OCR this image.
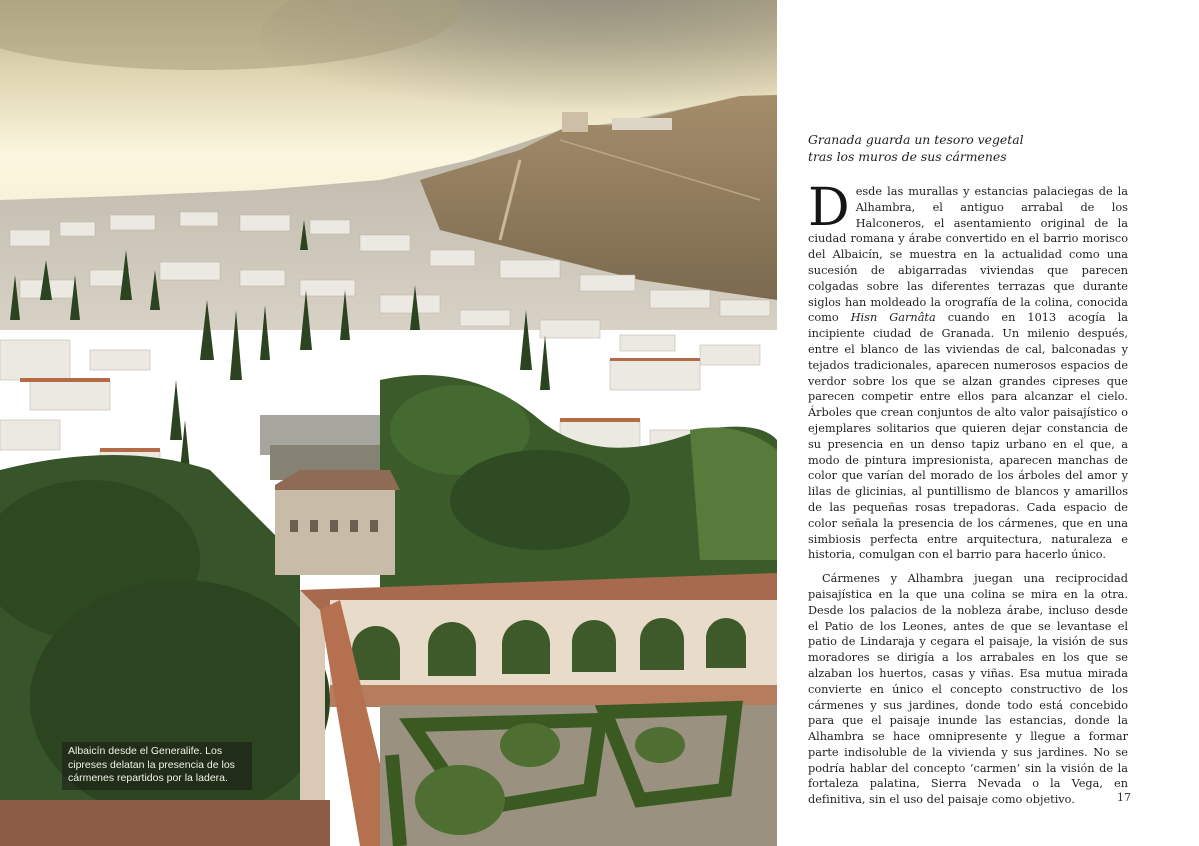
Albaicín desde el Generalife. Los cipreses delatan la presencia de los cármenes repartidos por la ladera.
Granada guarda un tesoro vegetal
tras los muros de sus cármenes

Desde las murallas y estancias palaciegas de la Alhambra, el antiguo arrabal de los Halconeros, el asentamiento original de la ciudad romana y árabe convertido en el barrio morisco del Albaicín, se muestra en la actualidad como una sucesión de abigarradas viviendas que parecen colgadas sobre las diferentes terrazas que durante siglos han moldeado la orografía de la colina, conocida como Hisn Garnâta cuando en 1013 acogía la incipiente ciudad de Granada. Un milenio después, entre el blanco de las viviendas de cal, balconadas y tejados tradicionales, aparecen numerosos espacios de verdor sobre los que se alzan grandes cipreses que parecen competir entre ellos para alcanzar el cielo. Árboles que crean conjuntos de alto valor paisajístico o ejemplares solitarios que quieren dejar constancia de su presencia en un denso tapiz urbano en el que, a modo de pintura impresionista, aparecen manchas de color que varían del morado de los árboles del amor y lilas de glicinias, al puntillismo de blancos y amarillos de las pequeñas rosas trepadoras. Cada espacio de color señala la presencia de los cármenes, que en una simbiosis perfecta entre arquitectura, naturaleza e historia, comulgan con el barrio para hacerlo único.

Cármenes y Alhambra juegan una reciprocidad paisajística en la que una colina se mira en la otra. Desde los palacios de la nobleza árabe, incluso desde el Patio de los Leones, antes de que se levantase el patio de Lindaraja y cegara el paisaje, la visión de sus moradores se dirigía a los arrabales en los que se alzaban los huertos, casas y viñas. Esa mutua mirada convierte en único el concepto constructivo de los cármenes y sus jardines, donde todo está concebido para que el paisaje inunde las estancias, donde la Alhambra se hace omnipresente y llegue a formar parte indisoluble de la vivienda y sus jardines. No se podría hablar del concepto ‘carmen’ sin la visión de la fortaleza palatina, Sierra Nevada o la Vega, en definitiva, sin el uso del paisaje como objetivo.	17
